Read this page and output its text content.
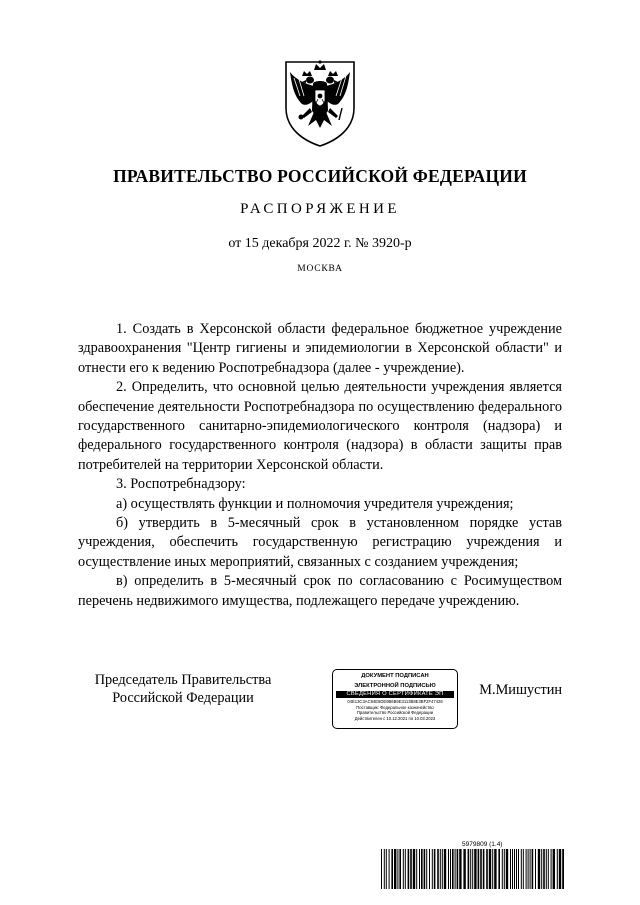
ПРАВИТЕЛЬСТВО РОССИЙСКОЙ ФЕДЕРАЦИИ
РАСПОРЯЖЕНИЕ
от 15 декабря 2022 г. № 3920-р
МОСКВА

1. Создать в Херсонской области федеральное бюджетное учреждение здравоохранения "Центр гигиены и эпидемиологии в Херсонской области" и отнести его к ведению Роспотребнадзора (далее - учреждение).

2. Определить, что основной целью деятельности учреждения является обеспечение деятельности Роспотребнадзора по осуществлению федерального государственного санитарно-эпидемиологического контроля (надзора) и федерального государственного контроля (надзора) в области защиты прав потребителей на территории Херсонской области.

3. Роспотребнадзору:

а) осуществлять функции и полномочия учредителя учреждения;

б) утвердить в 5-месячный срок в установленном порядке устав учреждения, обеспечить государственную регистрацию учреждения и осуществление иных мероприятий, связанных с созданием учреждения;

в) определить в 5-месячный срок по согласованию с Росимуществом перечень недвижимого имущества, подлежащего передаче учреждению.

Председатель Правительства
Российской Федерации
ДОКУМЕНТ ПОДПИСАН
ЭЛЕКТРОННОЙ ПОДПИСЬЮ
СВЕДЕНИЯ О СЕРТИФИКАТЕ ЭП
04E13C3AC94E6DE9B6B9E3113B8E3BF2F47426
Поставщик: Федеральное казначейство
Правительство Российской Федерации
Действителен с 10.12.2021 по 10.03.2023
М.Мишустин
5979809 (1.4)
